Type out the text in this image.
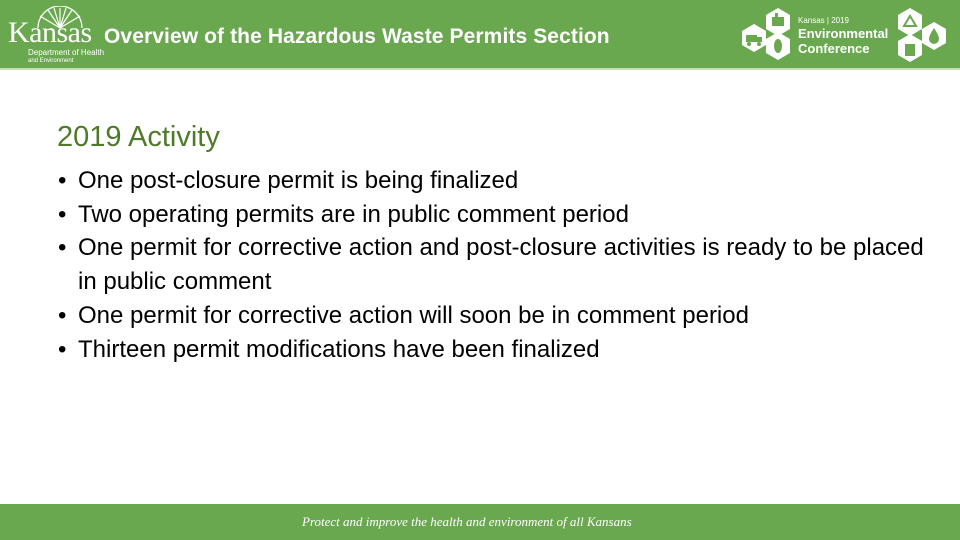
Kansas
Department of Health
and Environment
Overview of the Hazardous Waste Permits Section
Kansas | 2019
Environmental
Conference
2019 Activity
• One post-closure permit is being finalized
• Two operating permits are in public comment period
• One permit for corrective action and post-closure activities is ready to be placed in public comment
• One permit for corrective action will soon be in comment period
• Thirteen permit modifications have been finalized
Protect and improve the health and environment of all Kansans
